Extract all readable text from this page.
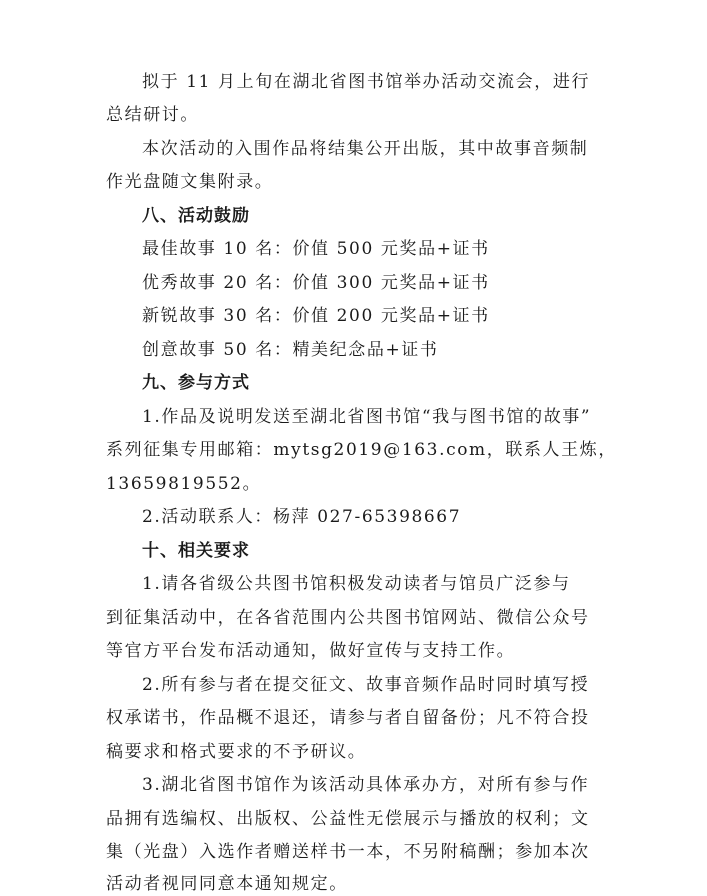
拟于 11 月上旬在湖北省图书馆举办活动交流会，进行
总结研讨。
本次活动的入围作品将结集公开出版，其中故事音频制
作光盘随文集附录。
八、活动鼓励
最佳故事 10 名：价值 500 元奖品+证书
优秀故事 20 名：价值 300 元奖品+证书
新锐故事 30 名：价值 200 元奖品+证书
创意故事 50 名：精美纪念品+证书
九、参与方式
1.作品及说明发送至湖北省图书馆“我与图书馆的故事”
系列征集专用邮箱：mytsg2019@163.com，联系人王炼，
13659819552。
2.活动联系人：杨萍 027-65398667
十、相关要求
1.请各省级公共图书馆积极发动读者与馆员广泛参与
到征集活动中，在各省范围内公共图书馆网站、微信公众号
等官方平台发布活动通知，做好宣传与支持工作。
2.所有参与者在提交征文、故事音频作品时同时填写授
权承诺书，作品概不退还，请参与者自留备份；凡不符合投
稿要求和格式要求的不予研议。
3.湖北省图书馆作为该活动具体承办方，对所有参与作
品拥有选编权、出版权、公益性无偿展示与播放的权利；文
集（光盘）入选作者赠送样书一本，不另附稿酬；参加本次
活动者视同同意本通知规定。
